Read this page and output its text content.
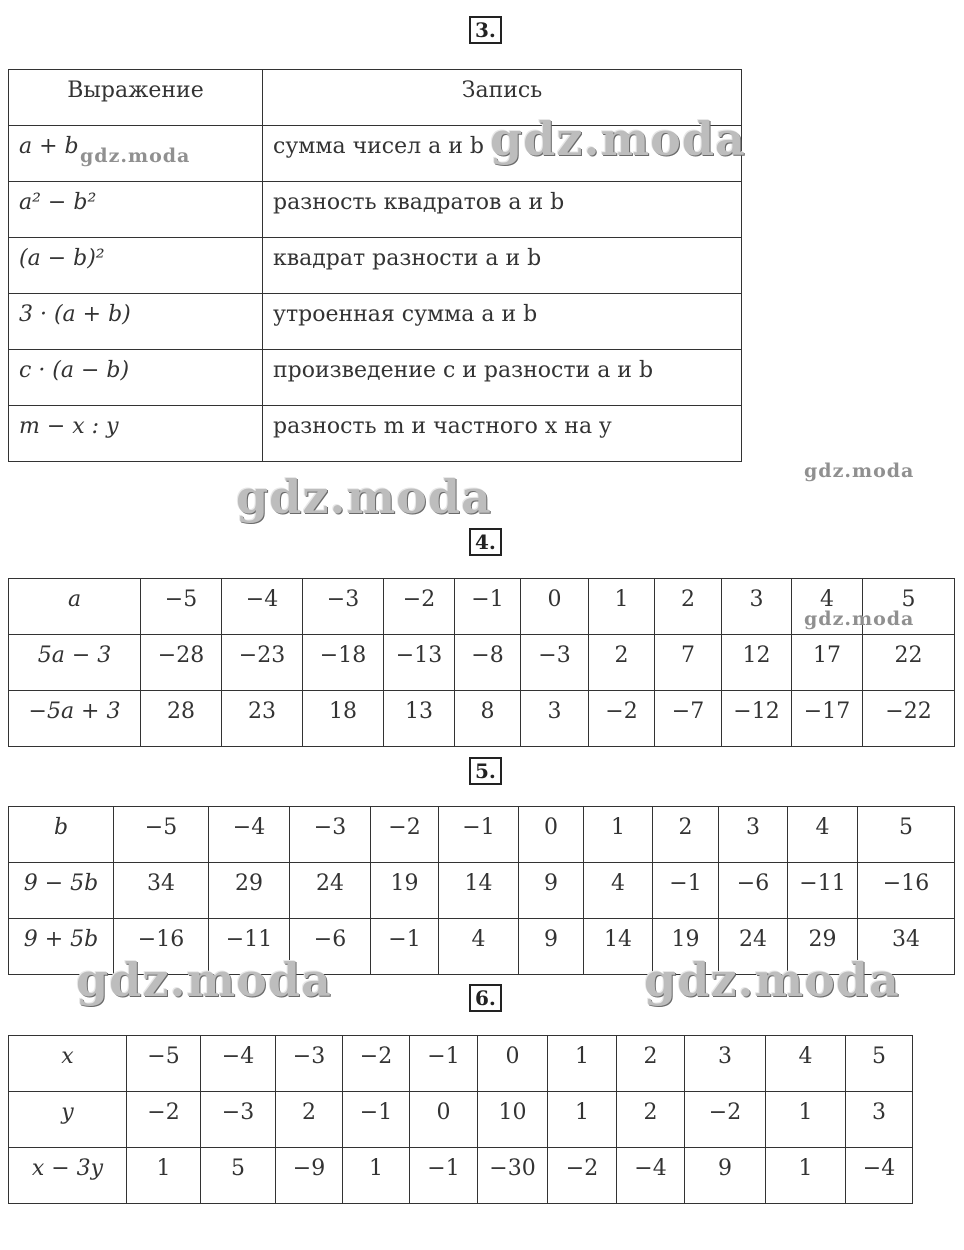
3.
Выражение	Запись
a + b	сумма чисел a и b
a² − b²	разность квадратов a и b
(a − b)²	квадрат разности a и b
3 · (a + b)	утроенная сумма a и b
c · (a − b)	произведение c и разности a и b
m − x : y	разность m и частного x на y
4.
a	−5	−4	−3	−2	−1	0	1	2	3	4	5
5a − 3	−28	−23	−18	−13	−8	−3	2	7	12	17	22
−5a + 3	28	23	18	13	8	3	−2	−7	−12	−17	−22
5.
b	−5	−4	−3	−2	−1	0	1	2	3	4	5
9 − 5b	34	29	24	19	14	9	4	−1	−6	−11	−16
9 + 5b	−16	−11	−6	−1	4	9	14	19	24	29	34
6.
x	−5	−4	−3	−2	−1	0	1	2	3	4	5
y	−2	−3	2	−1	0	10	1	2	−2	1	3
x − 3y	1	5	−9	1	−1	−30	−2	−4	9	1	−4
gdz.moda
gdz.moda
gdz.moda	gdz.moda
gdz.moda
gdz.moda
gdz.moda
